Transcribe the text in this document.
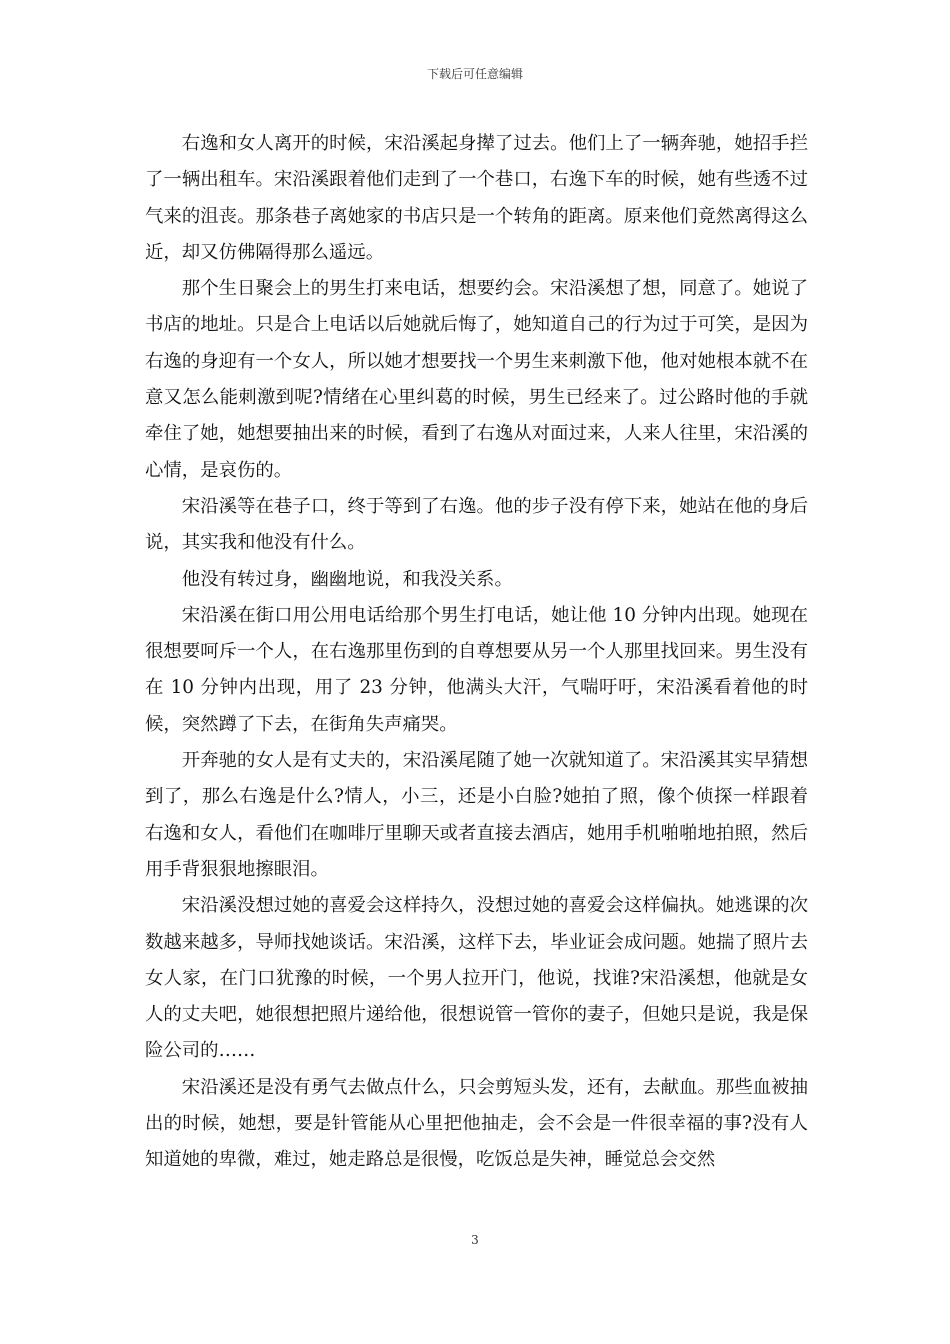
下载后可任意编辑

右逸和女人离开的时候，宋沿溪起身撵了过去。他们上了一辆奔驰，她招手拦了一辆出租车。宋沿溪跟着他们走到了一个巷口，右逸下车的时候，她有些透不过气来的沮丧。那条巷子离她家的书店只是一个转角的距离。原来他们竟然离得这么近，却又仿佛隔得那么遥远。

那个生日聚会上的男生打来电话，想要约会。宋沿溪想了想，同意了。她说了书店的地址。只是合上电话以后她就后悔了，她知道自己的行为过于可笑，是因为右逸的身迎有一个女人，所以她才想要找一个男生来刺激下他，他对她根本就不在意又怎么能刺激到呢?情绪在心里纠葛的时候，男生已经来了。过公路时他的手就牵住了她，她想要抽出来的时候，看到了右逸从对面过来，人来人往里，宋沿溪的心情，是哀伤的。

宋沿溪等在巷子口，终于等到了右逸。他的步子没有停下来，她站在他的身后说，其实我和他没有什么。

他没有转过身，幽幽地说，和我没关系。

宋沿溪在街口用公用电话给那个男生打电话，她让他 10 分钟内出现。她现在很想要呵斥一个人，在右逸那里伤到的自尊想要从另一个人那里找回来。男生没有在 10 分钟内出现，用了 23 分钟，他满头大汗，气喘吁吁，宋沿溪看着他的时候，突然蹲了下去，在街角失声痛哭。

开奔驰的女人是有丈夫的，宋沿溪尾随了她一次就知道了。宋沿溪其实早猜想到了，那么右逸是什么?情人，小三，还是小白脸?她拍了照，像个侦探一样跟着右逸和女人，看他们在咖啡厅里聊天或者直接去酒店，她用手机啪啪地拍照，然后用手背狠狠地擦眼泪。

宋沿溪没想过她的喜爱会这样持久，没想过她的喜爱会这样偏执。她逃课的次数越来越多，导师找她谈话。宋沿溪，这样下去，毕业证会成问题。她揣了照片去女人家，在门口犹豫的时候，一个男人拉开门，他说，找谁?宋沿溪想，他就是女人的丈夫吧，她很想把照片递给他，很想说管一管你的妻子，但她只是说，我是保险公司的……

宋沿溪还是没有勇气去做点什么，只会剪短头发，还有，去献血。那些血被抽出的时候，她想，要是针管能从心里把他抽走，会不会是一件很幸福的事?没有人知道她的卑微，难过，她走路总是很慢，吃饭总是失神，睡觉总会交然

3
